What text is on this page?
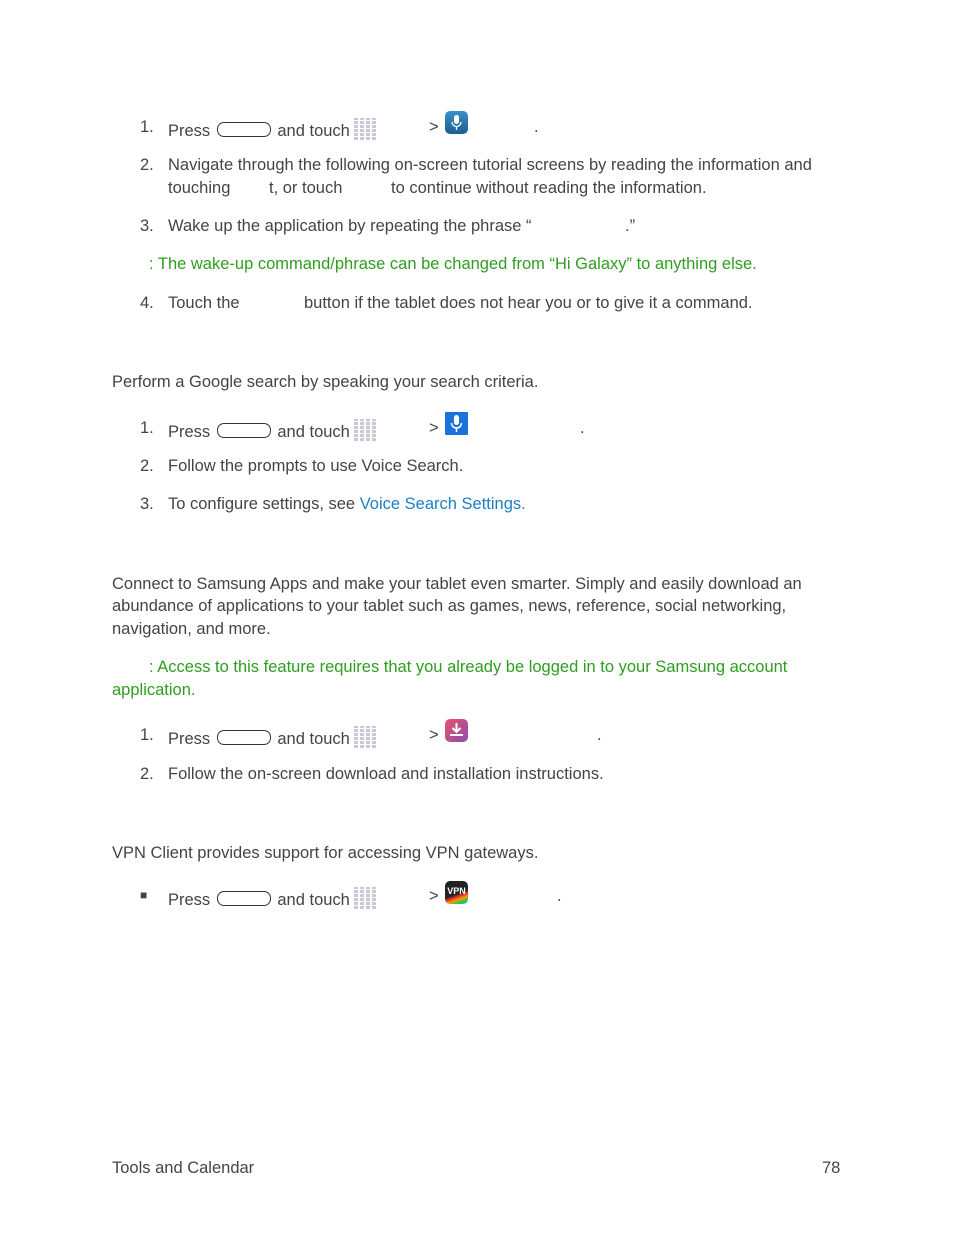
1. Press	and touch	>	.
2. Navigate through the following on-screen tutorial screens by reading the information and
touching t, or touch	to continue without reading the information.
3. Wake up the application by repeating the phrase “	.”
: The wake-up command/phrase can be changed from “Hi Galaxy” to anything else.
4. Touch the	button if the tablet does not hear you or to give it a command.
Perform a Google search by speaking your search criteria.
1. Press	and touch	>	.
2. Follow the prompts to use Voice Search.
3. To configure settings, see Voice Search Settings.
Connect to Samsung Apps and make your tablet even smarter. Simply and easily download an
abundance of applications to your tablet such as games, news, reference, social networking,
navigation, and more.
: Access to this feature requires that you already be logged in to your Samsung account
application.
1. Press	and touch	>	.
2. Follow the on-screen download and installation instructions.
VPN Client provides support for accessing VPN gateways.
■ Press	and touch	> VPN	.
Tools and Calendar	78
